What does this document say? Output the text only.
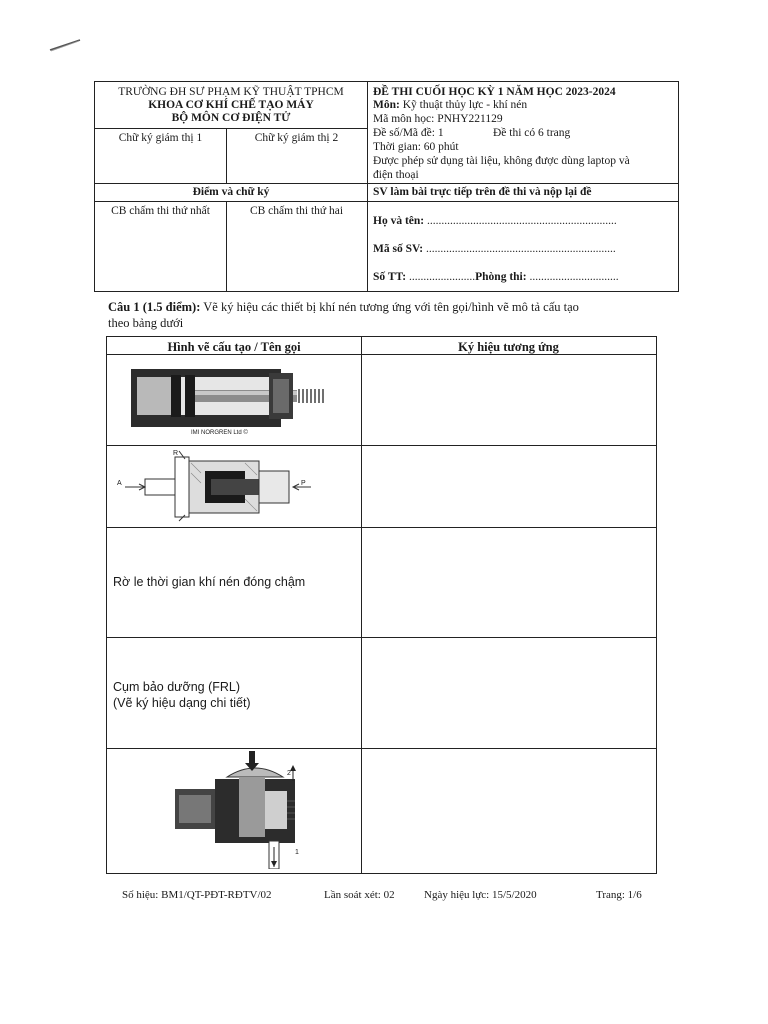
TRƯỜNG ĐH SƯ PHẠM KỸ THUẬT TPHCM
KHOA CƠ KHÍ CHẾ TẠO MÁY
BỘ MÔN CƠ ĐIỆN TỬ
Chữ ký giám thị 1	Chữ ký giám thị 2
Điểm và chữ ký
CB chấm thi thứ nhất	CB chấm thi thứ hai
ĐỀ THI CUỐI HỌC KỲ 1 NĂM HỌC 2023-2024
Môn: Kỹ thuật thủy lực - khí nén
Mã môn học: PNHY221129
Đề số/Mã đề: 1	Đề thi có 6 trang
Thời gian: 60 phút
Được phép sử dụng tài liệu, không được dùng laptop và
điện thoại
SV làm bài trực tiếp trên đề thi và nộp lại đề
Họ và tên: ..................................................................
Mã số SV: ..................................................................
Số TT: .......................Phòng thi: ...............................
Câu 1 (1.5 điểm): Vẽ ký hiệu các thiết bị khí nén tương ứng với tên gọi/hình vẽ mô tả cấu tạo
theo bảng dưới
Hình vẽ cấu tạo / Tên gọi	Ký hiệu tương ứng
IMI NORGREN Ltd ©
A
R
P
Rờ le thời gian khí nén đóng chậm
Cụm bảo dưỡng (FRL)
(Vẽ ký hiệu dạng chi tiết)
2
1
Số hiệu: BM1/QT-PĐT-RĐTV/02	Lần soát xét: 02	Ngày hiệu lực: 15/5/2020	Trang: 1/6
